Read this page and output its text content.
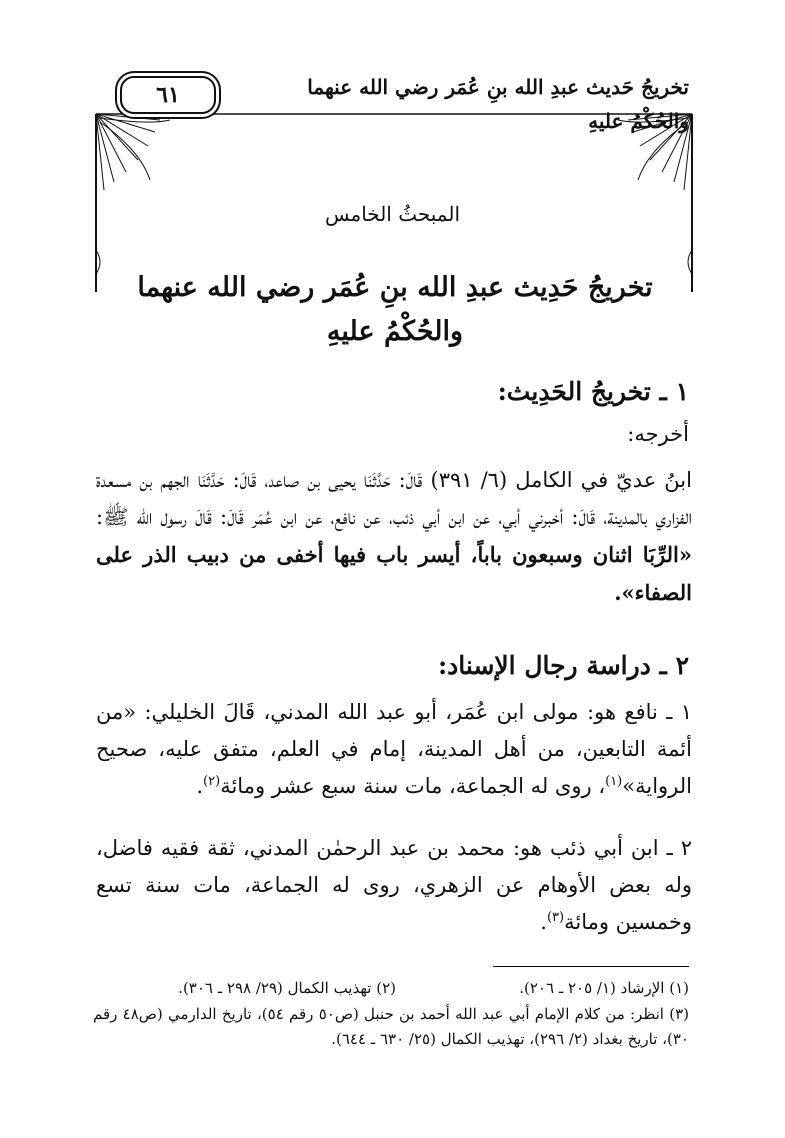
تخريجُ حَديث عبدِ الله بنِ عُمَر رضي الله عنهما والحُكْمُ عليهِ
٦١
المبحثُ الخامس
تخريجُ حَدِيث عبدِ الله بنِ عُمَر رضي الله عنهما والحُكْمُ عليهِ
١ ـ تخريجُ الحَدِيث:
أخرجه:
ابنُ عديّ في الكامل (٦/ ٣٩١) قَالَ: حَدَّثَنَا يحيى بن صاعد، قَالَ: حَدَّثَنَا الجهم بن مسعدة الفزاري بالمدينة، قَالَ: أخبرني أبي، عن ابن أبي ذئب، عن نافع، عن ابن عُمَر قَالَ: قَالَ رسول الله ﷺ: «الرِّبَا اثنان وسبعون باباً، أيسر باب فيها أخفى من دبيب الذر على الصفاء».
٢ ـ دراسة رجال الإسناد:
١ ـ نافع هو: مولى ابن عُمَر، أبو عبد الله المدني، قَالَ الخليلي: «من أئمة التابعين، من أهل المدينة، إمام في العلم، متفق عليه، صحيح الرواية»$^{(١)}$، روى له الجماعة، مات سنة سبع عشر ومائة$^{(٢)}$.
٢ ـ ابن أبي ذئب هو: محمد بن عبد الرحمٰن المدني، ثقة فقيه فاضل، وله بعض الأوهام عن الزهري، روى له الجماعة، مات سنة تسع وخمسين ومائة$^{(٣)}$.
(١) الإرشاد (١/ ٢٠٥ ـ ٢٠٦).
(٢) تهذيب الكمال (٢٩/ ٢٩٨ ـ ٣٠٦).
(٣) انظر: من كلام الإمام أبي عبد الله أحمد بن حنبل (ص٥٠ رقم ٥٤)، تاريخ الدارمي (ص٤٨ رقم ٣٠)، تاريخ بغداد (٢/ ٢٩٦)، تهذيب الكمال (٢٥/ ٦٣٠ ـ ٦٤٤).
